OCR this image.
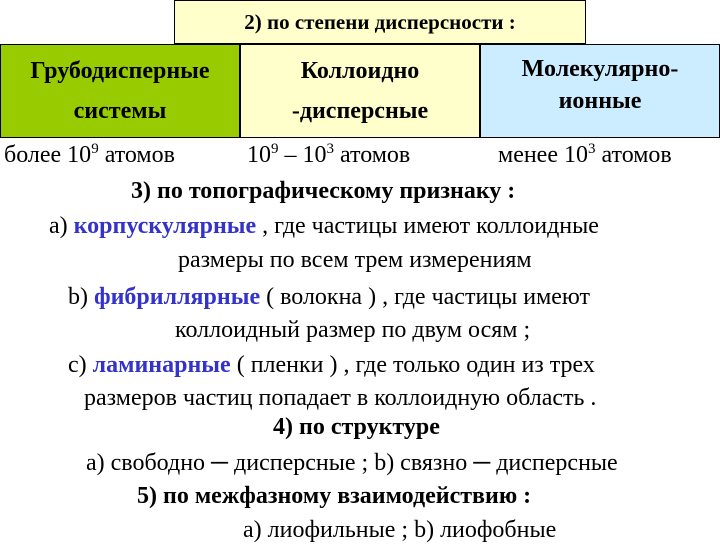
2) по степени дисперсности :
Грубодисперные
системы
Коллоидно
-дисперсные
Молекулярно-
ионные
более $10^9$ атомов	$10^9 - 10^3$ атомов	менее $10^3$ атомов
3) по топографическому признаку :
а) корпускулярные , где частицы имеют коллоидные
размеры по всем трем измерениям
b) фибриллярные ( волокна ) , где частицы имеют
коллоидный размер по двум осям ;
c) ламинарные ( пленки ) , где только один из трех
размеров частиц попадает в коллоидную область .
4) по структуре
а) свободно ─ дисперсные ; b) связно ─ дисперсные
5) по межфазному взаимодействию :
а) лиофильные ; b) лиофобные
